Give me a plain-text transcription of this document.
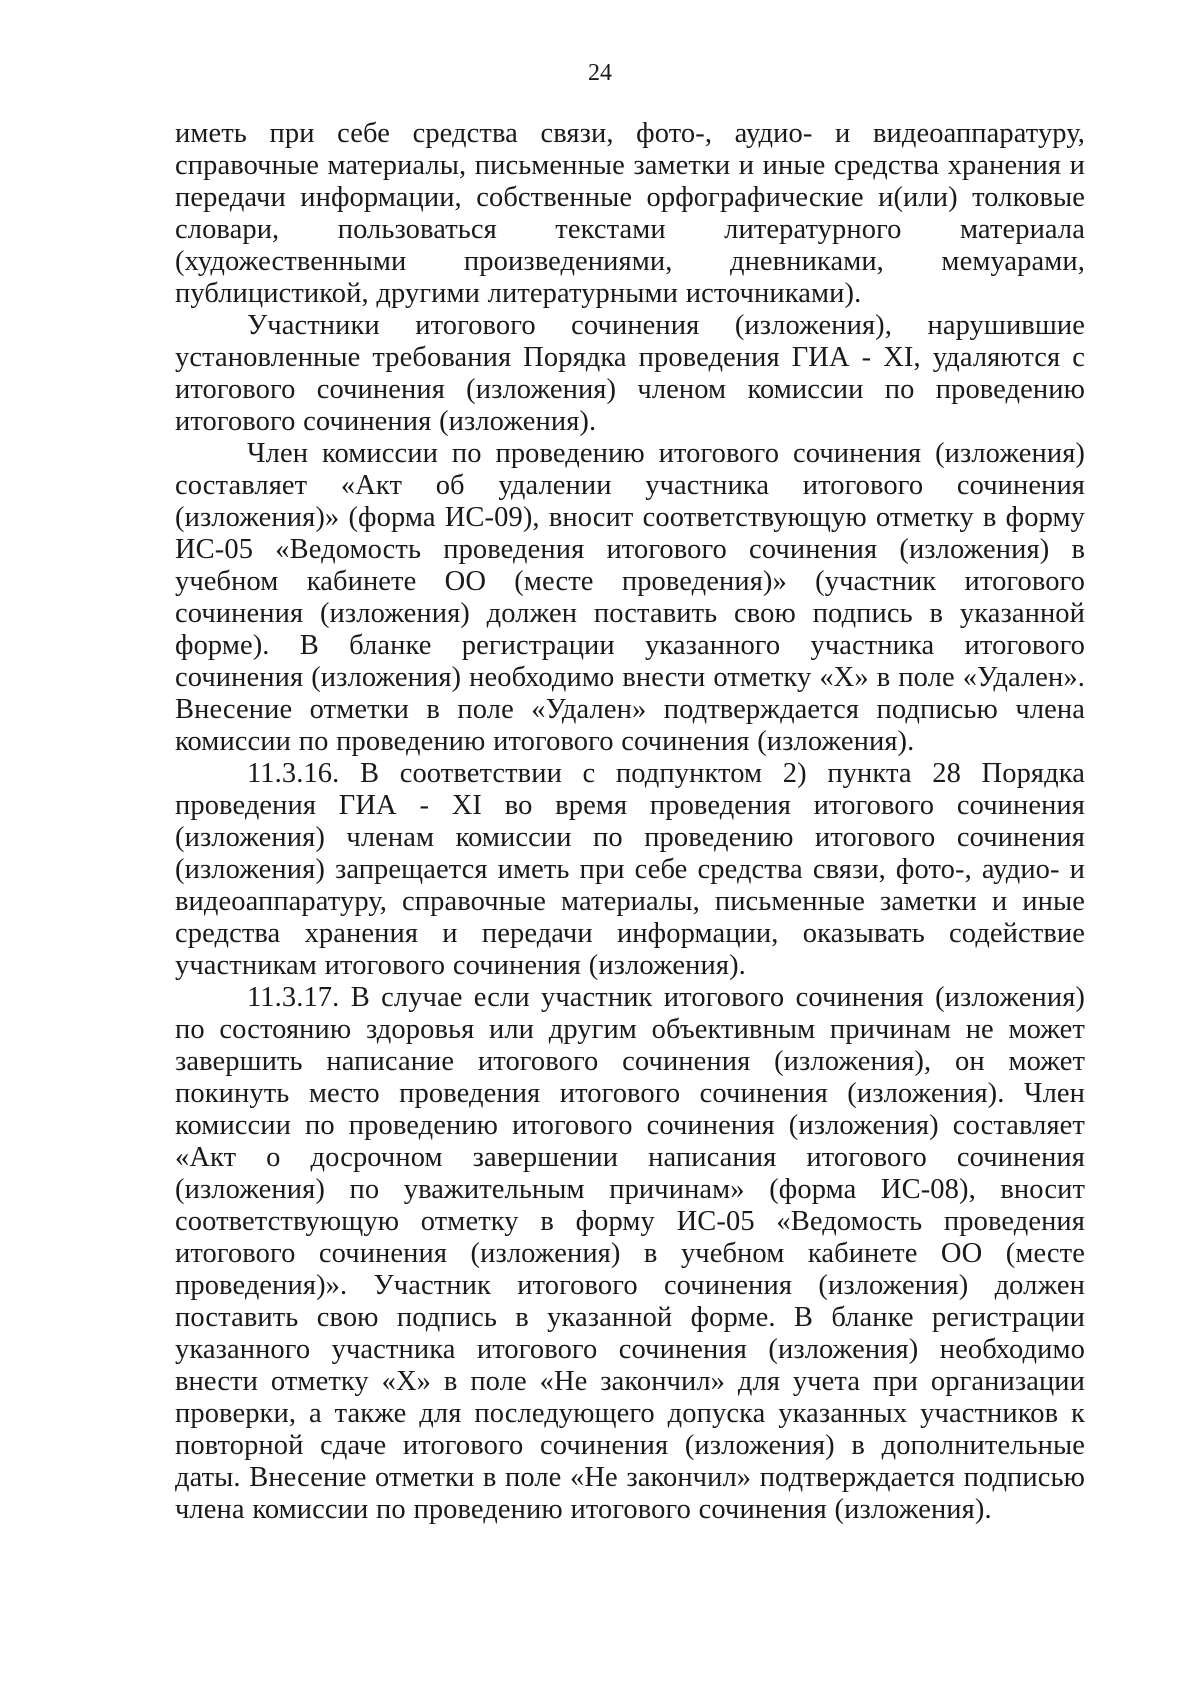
24

иметь при себе средства связи, фото-, аудио- и видеоаппаратуру, справочные материалы, письменные заметки и иные средства хранения и передачи информации, собственные орфографические и(или) толковые словари, пользоваться текстами литературного материала (художественными произведениями, дневниками, мемуарами, публицистикой, другими литературными источниками).

Участники итогового сочинения (изложения), нарушившие установленные требования Порядка проведения ГИА - XI, удаляются с итогового сочинения (изложения) членом комиссии по проведению итогового сочинения (изложения).

Член комиссии по проведению итогового сочинения (изложения) составляет «Акт об удалении участника итогового сочинения (изложения)» (форма ИС-09), вносит соответствующую отметку в форму ИС-05 «Ведомость проведения итогового сочинения (изложения) в учебном кабинете ОО (месте проведения)» (участник итогового сочинения (изложения) должен поставить свою подпись в указанной форме). В бланке регистрации указанного участника итогового сочинения (изложения) необходимо внести отметку «X» в поле «Удален». Внесение отметки в поле «Удален» подтверждается подписью члена комиссии по проведению итогового сочинения (изложения).

11.3.16. В соответствии с подпунктом 2) пункта 28 Порядка проведения ГИА - XI во время проведения итогового сочинения (изложения) членам комиссии по проведению итогового сочинения (изложения) запрещается иметь при себе средства связи, фото-, аудио- и видеоаппаратуру, справочные материалы, письменные заметки и иные средства хранения и передачи информации, оказывать содействие участникам итогового сочинения (изложения).

11.3.17. В случае если участник итогового сочинения (изложения) по состоянию здоровья или другим объективным причинам не может завершить написание итогового сочинения (изложения), он может покинуть место проведения итогового сочинения (изложения). Член комиссии по проведению итогового сочинения (изложения) составляет «Акт о досрочном завершении написания итогового сочинения (изложения) по уважительным причинам» (форма ИС-08), вносит соответствующую отметку в форму ИС-05 «Ведомость проведения итогового сочинения (изложения) в учебном кабинете ОО (месте проведения)». Участник итогового сочинения (изложения) должен поставить свою подпись в указанной форме. В бланке регистрации указанного участника итогового сочинения (изложения) необходимо внести отметку «X» в поле «Не закончил» для учета при организации проверки, а также для последующего допуска указанных участников к повторной сдаче итогового сочинения (изложения) в дополнительные даты. Внесение отметки в поле «Не закончил» подтверждается подписью члена комиссии по проведению итогового сочинения (изложения).
